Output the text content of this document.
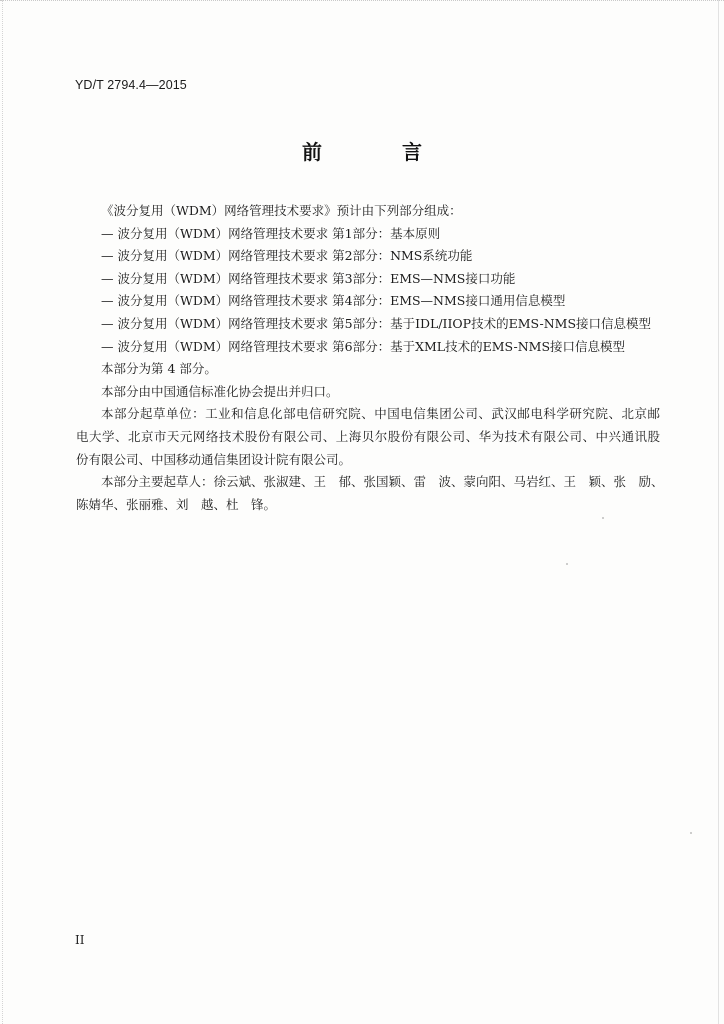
YD/T 2794.4—2015
前　言
《波分复用（WDM）网络管理技术要求》预计由下列部分组成：
— 波分复用（WDM）网络管理技术要求 第1部分：基本原则
— 波分复用（WDM）网络管理技术要求 第2部分：NMS系统功能
— 波分复用（WDM）网络管理技术要求 第3部分：EMS—NMS接口功能
— 波分复用（WDM）网络管理技术要求 第4部分：EMS—NMS接口通用信息模型
— 波分复用（WDM）网络管理技术要求 第5部分：基于IDL/IIOP技术的EMS-NMS接口信息模型
— 波分复用（WDM）网络管理技术要求 第6部分：基于XML技术的EMS-NMS接口信息模型
本部分为第 4 部分。
本部分由中国通信标准化协会提出并归口。
本部分起草单位：工业和信息化部电信研究院、中国电信集团公司、武汉邮电科学研究院、北京邮
电大学、北京市天元网络技术股份有限公司、上海贝尔股份有限公司、华为技术有限公司、中兴通讯股
份有限公司、中国移动通信集团设计院有限公司。
本部分主要起草人：徐云斌、张淑建、王　郁、张国颖、雷　波、蒙向阳、马岩红、王　颖、张　励、
陈婧华、张丽雅、刘　越、杜　锋。
II
